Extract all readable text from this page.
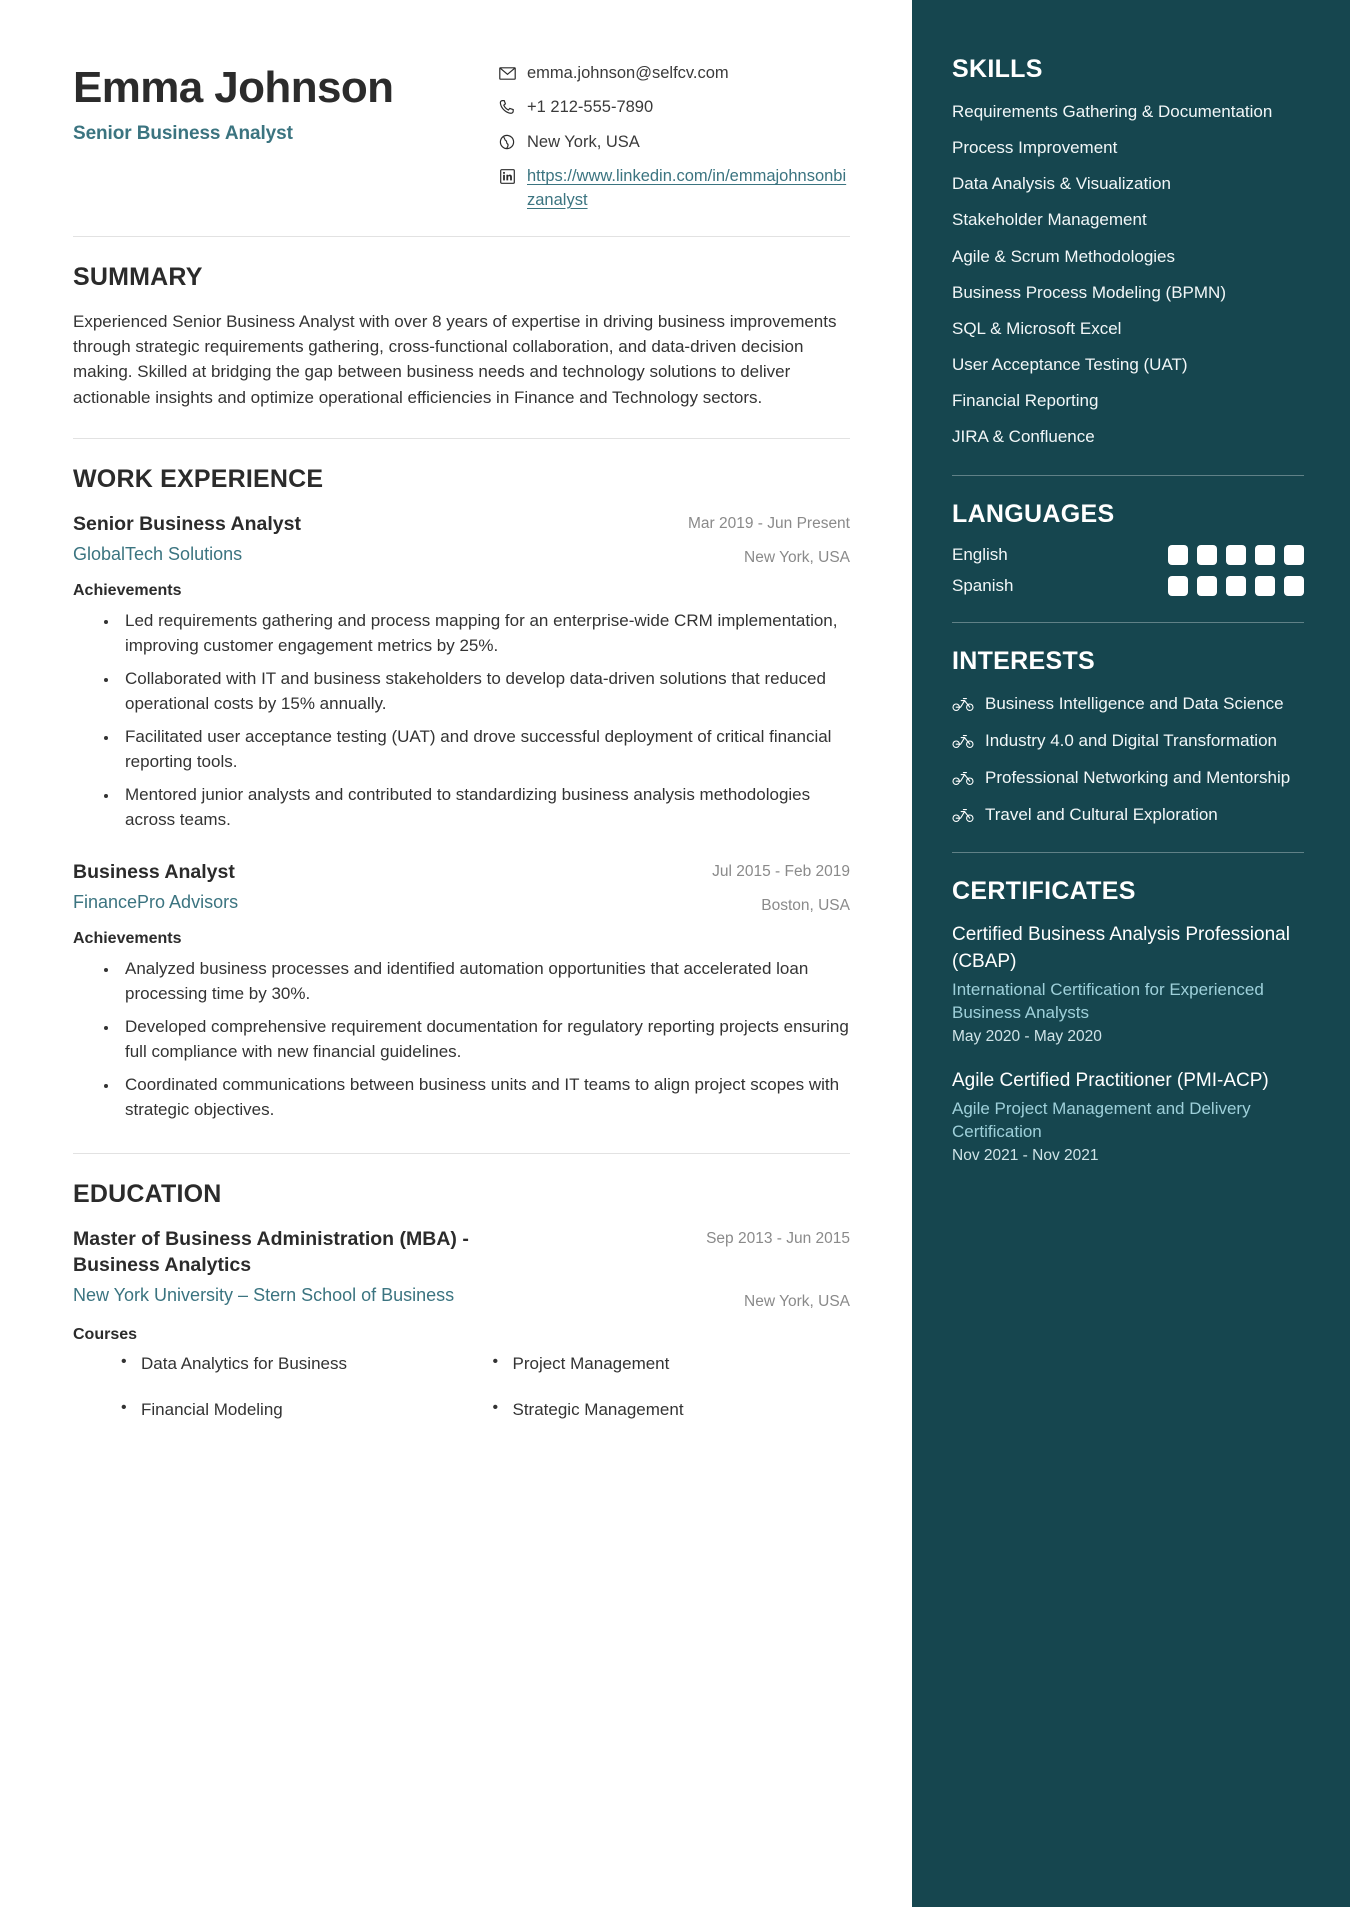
Emma Johnson
Senior Business Analyst
emma.johnson@selfcv.com
+1 212-555-7890
New York, USA
https://www.linkedin.com/in/emmajohnsonbizanalyst
SUMMARY
Experienced Senior Business Analyst with over 8 years of expertise in driving business improvements through strategic requirements gathering, cross-functional collaboration, and data-driven decision making. Skilled at bridging the gap between business needs and technology solutions to deliver actionable insights and optimize operational efficiencies in Finance and Technology sectors.
WORK EXPERIENCE
Senior Business Analyst
GlobalTech Solutions
Mar 2019 - Jun Present
New York, USA
Achievements
• Led requirements gathering and process mapping for an enterprise-wide CRM implementation, improving customer engagement metrics by 25%.
• Collaborated with IT and business stakeholders to develop data-driven solutions that reduced operational costs by 15% annually.
• Facilitated user acceptance testing (UAT) and drove successful deployment of critical financial reporting tools.
• Mentored junior analysts and contributed to standardizing business analysis methodologies across teams.
Business Analyst
FinancePro Advisors
Jul 2015 - Feb 2019
Boston, USA
Achievements
• Analyzed business processes and identified automation opportunities that accelerated loan processing time by 30%.
• Developed comprehensive requirement documentation for regulatory reporting projects ensuring full compliance with new financial guidelines.
• Coordinated communications between business units and IT teams to align project scopes with strategic objectives.
EDUCATION
Master of Business Administration (MBA) - Business Analytics
New York University – Stern School of Business
Sep 2013 - Jun 2015
New York, USA
Courses
• Data Analytics for Business	• Project Management
• Financial Modeling	• Strategic Management
SKILLS
Requirements Gathering & Documentation
Process Improvement
Data Analysis & Visualization
Stakeholder Management
Agile & Scrum Methodologies
Business Process Modeling (BPMN)
SQL & Microsoft Excel
User Acceptance Testing (UAT)
Financial Reporting
JIRA & Confluence
LANGUAGES
English
Spanish
INTERESTS
Business Intelligence and Data Science
Industry 4.0 and Digital Transformation
Professional Networking and Mentorship
Travel and Cultural Exploration
CERTIFICATES
Certified Business Analysis Professional (CBAP)
International Certification for Experienced Business Analysts
May 2020 - May 2020
Agile Certified Practitioner (PMI-ACP)
Agile Project Management and Delivery Certification
Nov 2021 - Nov 2021
